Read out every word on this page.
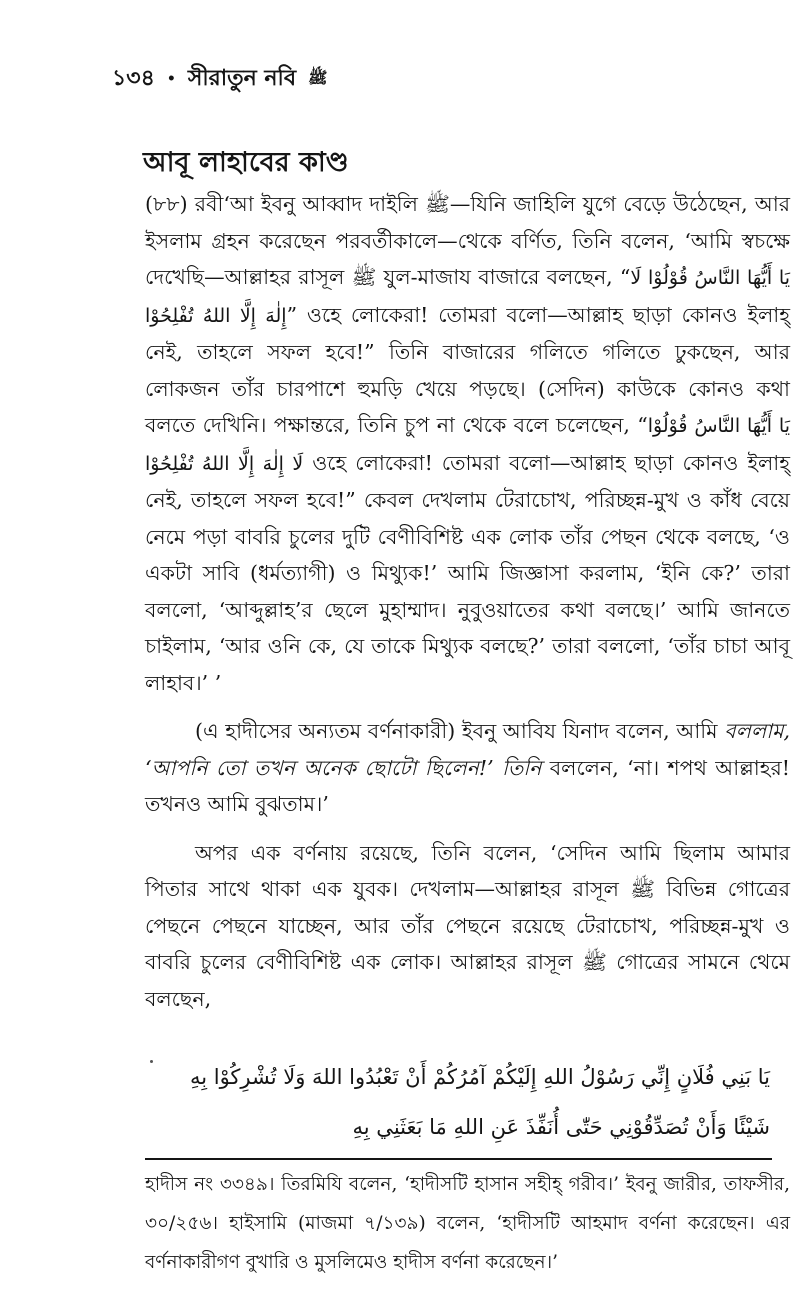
১৩৪ • সীরাতুন নবি ﷺ
আবূ লাহাবের কাণ্ড

(৮৮) রবী‘আ ইবনু আব্বাদ দাইলি ﷺ—যিনি জাহিলি যুগে বেড়ে উঠেছেন, আর ইসলাম গ্রহন করেছেন পরবর্তীকালে—থেকে বর্ণিত, তিনি বলেন, ‘আমি স্বচক্ষে দেখেছি—আল্লাহর রাসূল ﷺ যুল-মাজায বাজারে বলছেন, “يَا أَيُّهَا النَّاسُ قُوْلُوْا لَا إِلٰهَ إِلَّا اللهُ تُفْلِحُوْا” ওহে লোকেরা! তোমরা বলো—আল্লাহ ছাড়া কোনও ইলাহ্ নেই, তাহলে সফল হবে!” তিনি বাজারের গলিতে গলিতে ঢুকছেন, আর লোকজন তাঁর চারপাশে হুমড়ি খেয়ে পড়ছে। (সেদিন) কাউকে কোনও কথা বলতে দেখিনি। পক্ষান্তরে, তিনি চুপ না থেকে বলে চলেছেন, “يَا أَيُّهَا النَّاسُ قُوْلُوْا لَا إِلٰهَ إِلَّا اللهُ تُفْلِحُوْا ওহে লোকেরা! তোমরা বলো—আল্লাহ ছাড়া কোনও ইলাহ্ নেই, তাহলে সফল হবে!” কেবল দেখলাম টেরাচোখ, পরিচ্ছন্ন-মুখ ও কাঁধ বেয়ে নেমে পড়া বাবরি চুলের দুটি বেণীবিশিষ্ট এক লোক তাঁর পেছন থেকে বলছে, ‘ও একটা সাবি (ধর্মত্যাগী) ও মিথ্যুক!’ আমি জিজ্ঞাসা করলাম, ‘ইনি কে?’ তারা বললো, ‘আব্দুল্লাহ’র ছেলে মুহাম্মাদ। নুবুওয়াতের কথা বলছে।’ আমি জানতে চাইলাম, ‘আর ওনি কে, যে তাকে মিথ্যুক বলছে?’ তারা বললো, ‘তাঁর চাচা আবূ লাহাব।’ ’

(এ হাদীসের অন্যতম বর্ণনাকারী) ইবনু আবিয যিনাদ বলেন, আমি বললাম, ‘আপনি তো তখন অনেক ছোটো ছিলেন!’ তিনি বললেন, ‘না। শপথ আল্লাহর! তখনও আমি বুঝতাম।’

অপর এক বর্ণনায় রয়েছে, তিনি বলেন, ‘সেদিন আমি ছিলাম আমার পিতার সাথে থাকা এক যুবক। দেখলাম—আল্লাহর রাসূল ﷺ বিভিন্ন গোত্রের পেছনে পেছনে যাচ্ছেন, আর তাঁর পেছনে রয়েছে টেরাচোখ, পরিচ্ছন্ন-মুখ ও বাবরি চুলের বেণীবিশিষ্ট এক লোক। আল্লাহর রাসূল ﷺ গোত্রের সামনে থেমে বলছেন,

يَا بَنِي فُلَانٍ إِنِّي رَسُوْلُ اللهِ إِلَيْكُمْ آمُرُكُمْ أَنْ تَعْبُدُوا اللهَ وَلَا تُشْرِكُوْا بِهِ

شَيْئًا وَأَنْ تُصَدِّقُوْنِي حَتّٰى أُنَفِّذَ عَنِ اللهِ مَا بَعَثَنِي بِهِ

হাদীস নং ৩৩৪৯। তিরমিযি বলেন, ‘হাদীসটি হাসান সহীহ্ গরীব।’ ইবনু জারীর, তাফসীর, ৩০/২৫৬। হাইসামি (মাজমা ৭/১৩৯) বলেন, ‘হাদীসটি আহমাদ বর্ণনা করেছেন। এর বর্ণনাকারীগণ বুখারি ও মুসলিমেও হাদীস বর্ণনা করেছেন।’
